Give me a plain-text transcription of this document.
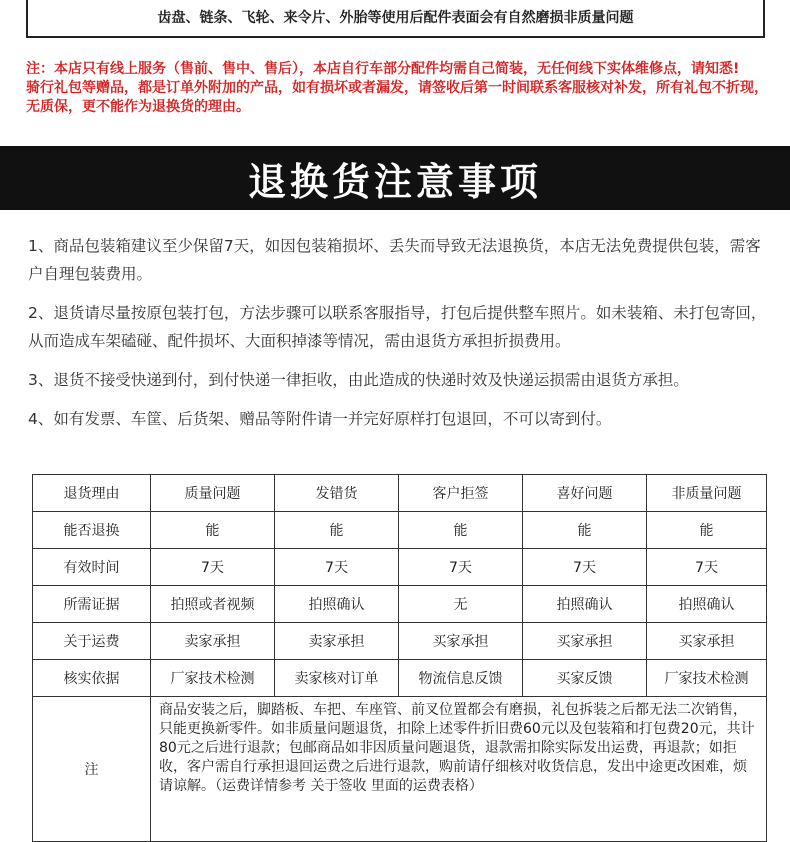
齿盘、链条、飞轮、来令片、外胎等使用后配件表面会有自然磨损非质量问题

注：本店只有线上服务（售前、售中、售后），本店自行车部分配件均需自己简装，无任何线下实体维修点，请知悉!

骑行礼包等赠品，都是订单外附加的产品，如有损坏或者漏发，请签收后第一时间联系客服核对补发，所有礼包不折现，无质保，更不能作为退换货的理由。

退换货注意事项

1、商品包装箱建议至少保留7天，如因包装箱损坏、丢失而导致无法退换货，本店无法免费提供包装，需客户自理包装费用。

2、退货请尽量按原包装打包，方法步骤可以联系客服指导，打包后提供整车照片。如未装箱、未打包寄回，从而造成车架磕碰、配件损坏、大面积掉漆等情况，需由退货方承担折损费用。

3、退货不接受快递到付，到付快递一律拒收，由此造成的快递时效及快递运损需由退货方承担。

4、如有发票、车筐、后货架、赠品等附件请一并完好原样打包退回，不可以寄到付。

退货理由	质量问题	发错货	客户拒签	喜好问题	非质量问题
能否退换	能	能	能	能	能
有效时间	7天	7天	7天	7天	7天
所需证据	拍照或者视频	拍照确认	无	拍照确认	拍照确认
关于运费	卖家承担	卖家承担	买家承担	买家承担	买家承担
核实依据	厂家技术检测	卖家核对订单	物流信息反馈	买家反馈	厂家技术检测
注	商品安装之后，脚踏板、车把、车座管、前叉位置都会有磨损，礼包拆装之后都无法二次销售，只能更换新零件。如非质量问题退货，扣除上述零件折旧费60元以及包装箱和打包费20元，共计80元之后进行退款；包邮商品如非因质量问题退货，退款需扣除实际发出运费，再退款；如拒收，客户需自行承担退回运费之后进行退款，购前请仔细核对收货信息，发出中途更改困难，烦请谅解。（运费详情参考 关于签收 里面的运费表格）				
